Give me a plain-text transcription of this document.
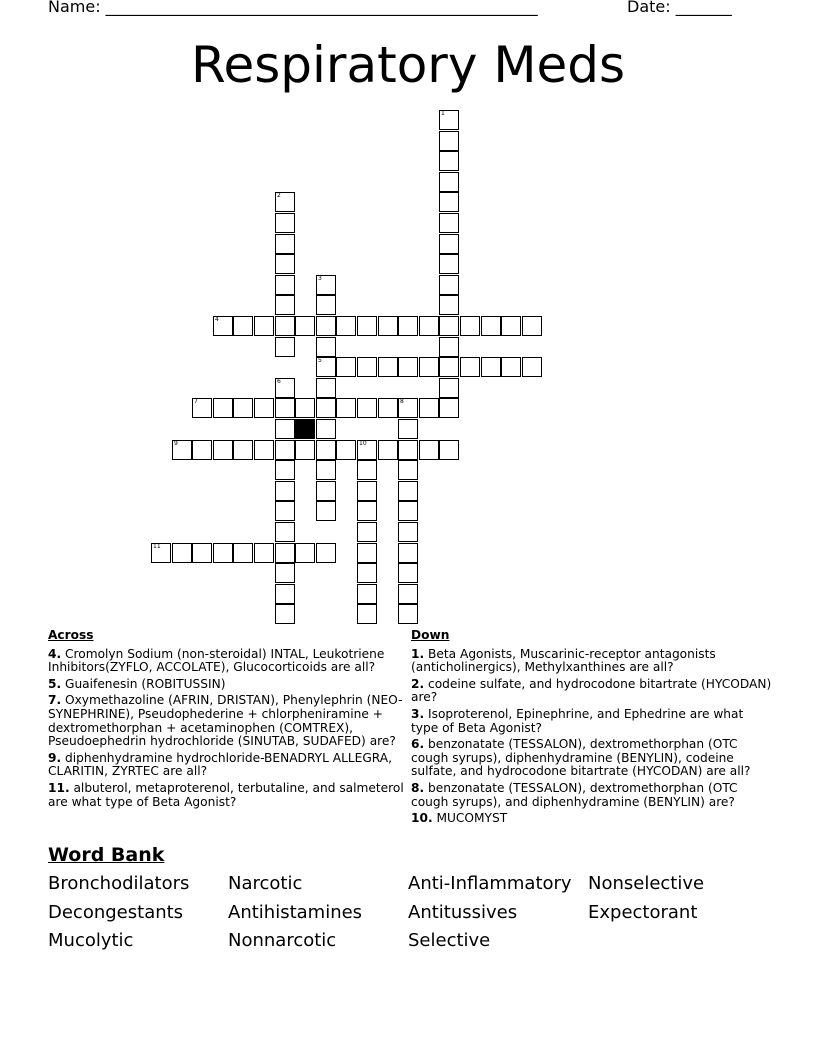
Name: ______________________________________________________	Date: _______
Respiratory Meds
1
2
3
5
4
6
7	8
9	10
11
Across
4. Cromolyn Sodium (non-steroidal) INTAL, Leukotriene Inhibitors(ZYFLO, ACCOLATE), Glucocorticoids are all?
5. Guaifenesin (ROBITUSSIN)
7. Oxymethazoline (AFRIN, DRISTAN), Phenylephrin (NEO-SYNEPHRINE), Pseudophederine + chlorpheniramine + dextromethorphan + acetaminophen (COMTREX), Pseudoephedrin hydrochloride (SINUTAB, SUDAFED) are?
9. diphenhydramine hydrochloride-BENADRYL ALLEGRA, CLARITIN, ZYRTEC are all?
11. albuterol, metaproterenol, terbutaline, and salmeterol are what type of Beta Agonist?
Down
1. Beta Agonists, Muscarinic-receptor antagonists (anticholinergics), Methylxanthines are all?
2. codeine sulfate, and hydrocodone bitartrate (HYCODAN) are?
3. Isoproterenol, Epinephrine, and Ephedrine are what type of Beta Agonist?
6. benzonatate (TESSALON), dextromethorphan (OTC cough syrups), diphenhydramine (BENYLIN), codeine sulfate, and hydrocodone bitartrate (HYCODAN) are all?
8. benzonatate (TESSALON), dextromethorphan (OTC cough syrups), and diphenhydramine (BENYLIN) are?
10. MUCOMYST
Word Bank
Bronchodilators Narcotic	Anti-Inflammatory Nonselective
Decongestants Antihistamines	Antitussives	Expectorant
Mucolytic	Nonnarcotic	Selective
